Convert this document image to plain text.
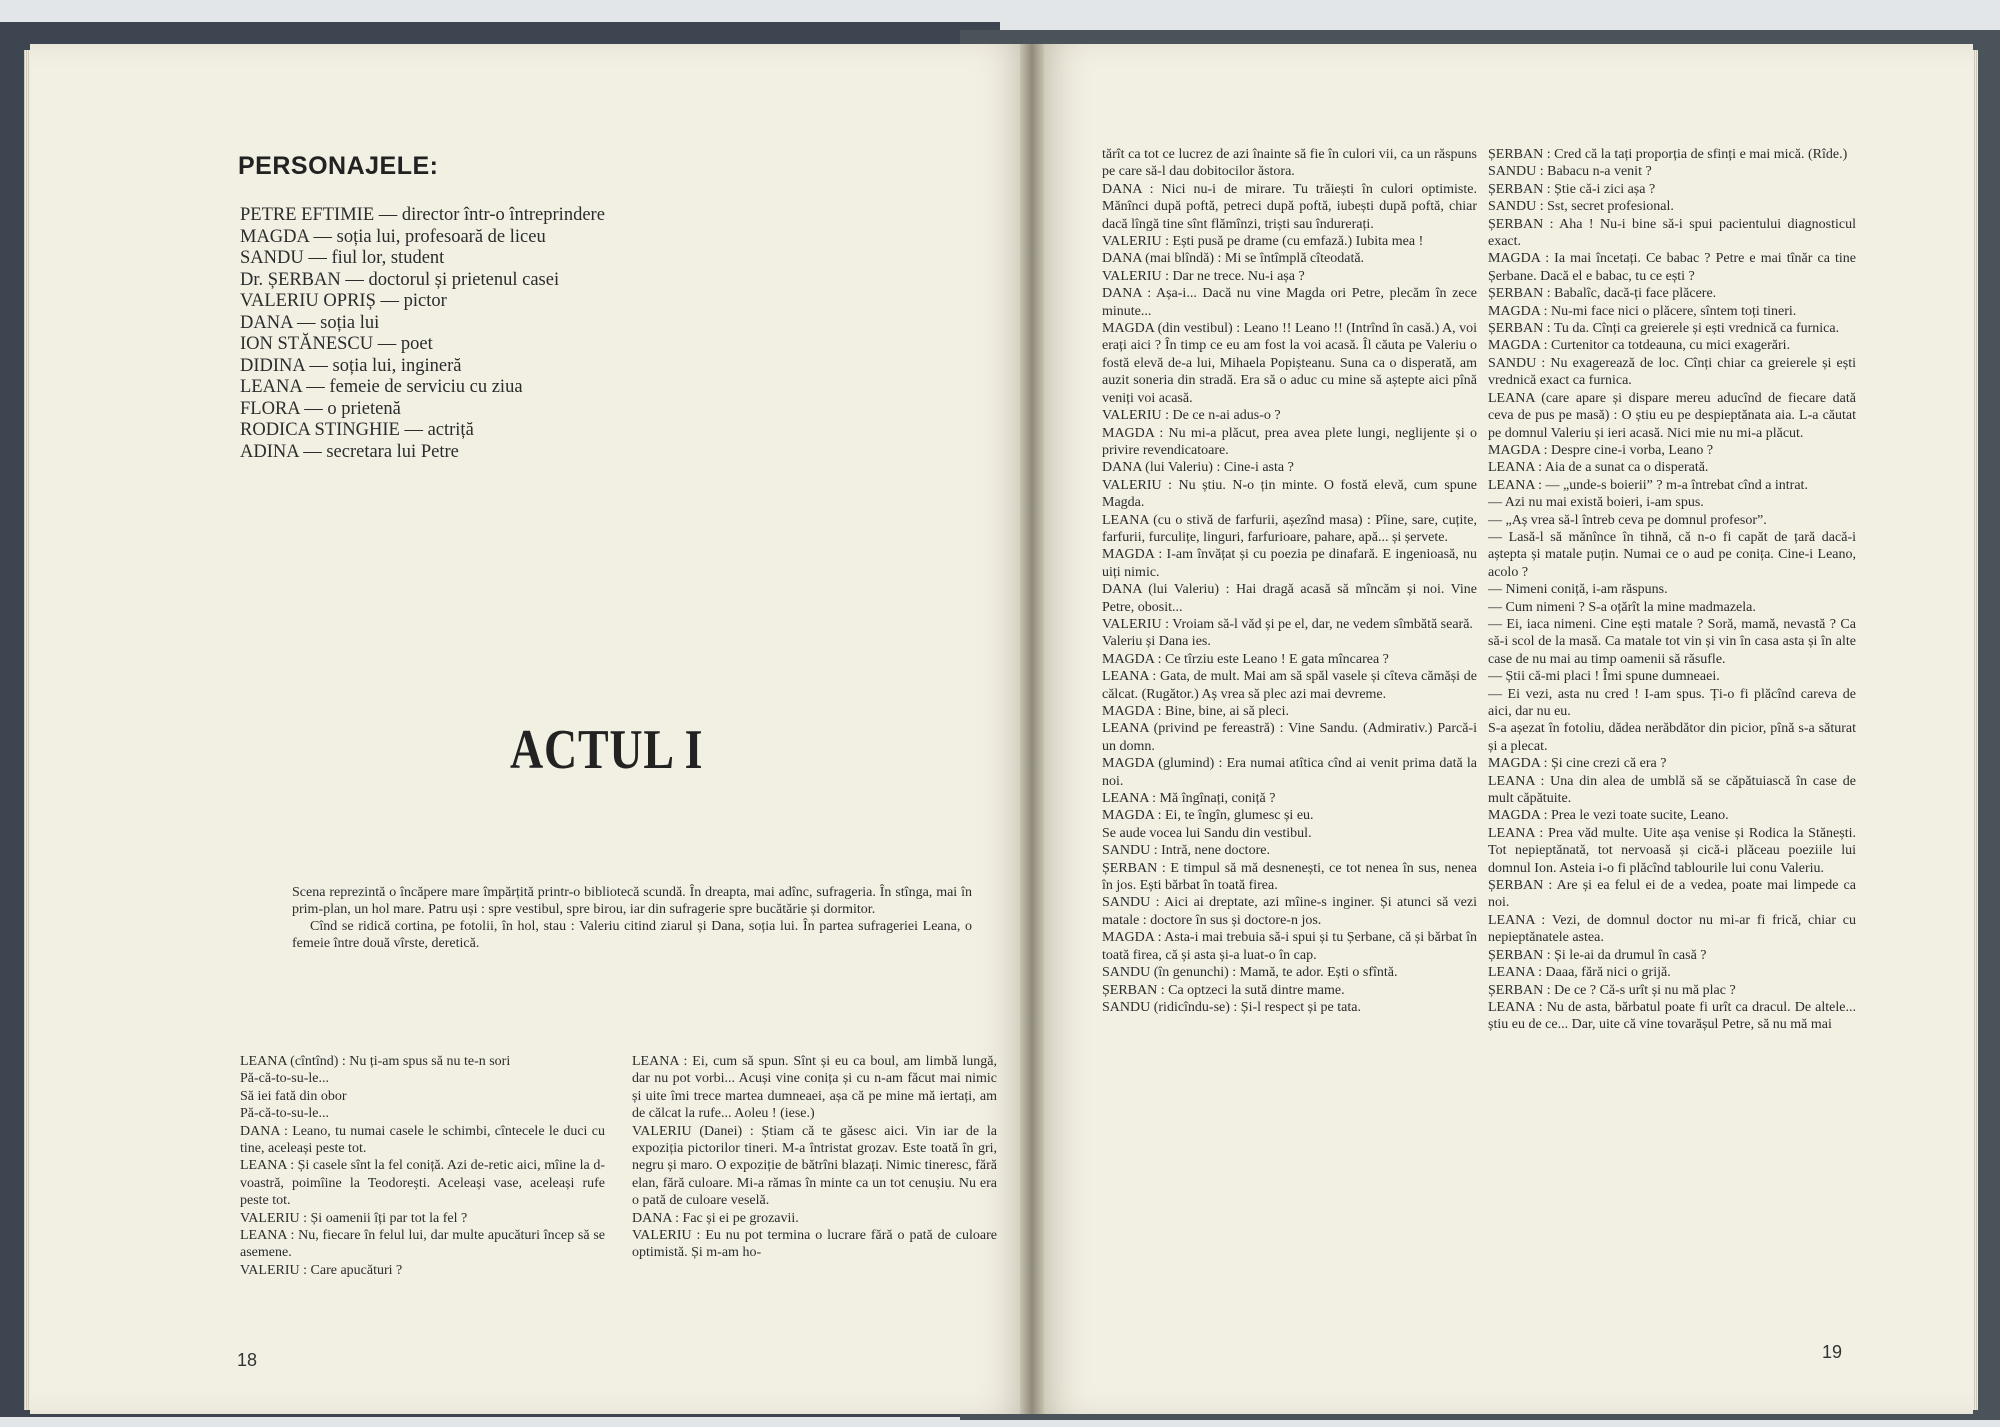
PERSONAJELE:
PETRE EFTIMIE — director într-o întreprindere
MAGDA — soția lui, profesoară de liceu
SANDU — fiul lor, student
Dr. ȘERBAN — doctorul și prietenul casei
VALERIU OPRIȘ — pictor
DANA — soția lui
ION STĂNESCU — poet
DIDINA — soția lui, ingineră
LEANA — femeie de serviciu cu ziua
FLORA — o prietenă
RODICA STINGHIE — actriță
ADINA — secretara lui Petre
ACTUL I

Scena reprezintă o încăpere mare împărțită printr-o bibliotecă scundă. În dreapta, mai adînc, sufrageria. În stînga, mai în prim-plan, un hol mare. Patru uși : spre vestibul, spre birou, iar din sufragerie spre bucătărie și dormitor.

Cînd se ridică cortina, pe fotolii, în hol, stau : Valeriu citind ziarul și Dana, soția lui. În partea sufrageriei Leana, o femeie între două vîrste, deretică.

LEANA (cîntînd) : Nu ți-am spus să nu te-n sori

Pă-că-to-su-le...

Să iei fată din obor

Pă-că-to-su-le...

DANA : Leano, tu numai casele le schimbi, cîntecele le duci cu tine, aceleași peste tot.

LEANA : Și casele sînt la fel coniță. Azi de-retic aici, mîine la d-voastră, poimîine la Teodorești. Aceleași vase, aceleași rufe peste tot.

VALERIU : Și oamenii îți par tot la fel ?

LEANA : Nu, fiecare în felul lui, dar multe apucături încep să se asemene.

VALERIU : Care apucături ?

LEANA : Ei, cum să spun. Sînt și eu ca boul, am limbă lungă, dar nu pot vorbi... Acuși vine conița și cu n-am făcut mai nimic și uite îmi trece martea dumneaei, așa că pe mine mă iertați, am de călcat la rufe... Aoleu ! (iese.)

VALERIU (Danei) : Știam că te găsesc aici. Vin iar de la expoziția pictorilor tineri. M-a întristat grozav. Este toată în gri, negru și maro. O expoziție de bătrîni blazați. Nimic tineresc, fără elan, fără culoare. Mi-a rămas în minte ca un tot cenușiu. Nu era o pată de culoare veselă.

DANA : Fac și ei pe grozavii.

VALERIU : Eu nu pot termina o lucrare fără o pată de culoare optimistă. Și m-am ho-

tărît ca tot ce lucrez de azi înainte să fie în culori vii, ca un răspuns pe care să-l dau dobitocilor ăstora.

DANA : Nici nu-i de mirare. Tu trăiești în culori optimiste. Mănînci după poftă, petreci după poftă, iubești după poftă, chiar dacă lîngă tine sînt flămînzi, triști sau îndurerați.

VALERIU : Ești pusă pe drame (cu emfază.) Iubita mea !

DANA (mai blîndă) : Mi se întîmplă cîteodată.

VALERIU : Dar ne trece. Nu-i așa ?

DANA : Așa-i... Dacă nu vine Magda ori Petre, plecăm în zece minute...

MAGDA (din vestibul) : Leano !! Leano !! (Intrînd în casă.) A, voi erați aici ? În timp ce eu am fost la voi acasă. Îl căuta pe Valeriu o fostă elevă de-a lui, Mihaela Popișteanu. Suna ca o disperată, am auzit soneria din stradă. Era să o aduc cu mine să aștepte aici pînă veniți voi acasă.

VALERIU : De ce n-ai adus-o ?

MAGDA : Nu mi-a plăcut, prea avea plete lungi, neglijente și o privire revendicatoare.

DANA (lui Valeriu) : Cine-i asta ?

VALERIU : Nu știu. N-o țin minte. O fostă elevă, cum spune Magda.

LEANA (cu o stivă de farfurii, așezînd masa) : Pîine, sare, cuțite, farfurii, furculițe, linguri, farfurioare, pahare, apă... și șervete.

MAGDA : I-am învățat și cu poezia pe dinafară. E ingenioasă, nu uiți nimic.

DANA (lui Valeriu) : Hai dragă acasă să mîncăm și noi. Vine Petre, obosit...

VALERIU : Vroiam să-l văd și pe el, dar, ne vedem sîmbătă seară.

Valeriu și Dana ies.

MAGDA : Ce tîrziu este Leano ! E gata mîncarea ?

LEANA : Gata, de mult. Mai am să spăl vasele și cîteva cămăși de călcat. (Rugător.) Aș vrea să plec azi mai devreme.

MAGDA : Bine, bine, ai să pleci.

LEANA (privind pe fereastră) : Vine Sandu. (Admirativ.) Parcă-i un domn.

MAGDA (glumind) : Era numai atîtica cînd ai venit prima dată la noi.

LEANA : Mă îngînați, coniță ?

MAGDA : Ei, te îngîn, glumesc și eu.

Se aude vocea lui Sandu din vestibul.

SANDU : Intră, nene doctore.

ȘERBAN : E timpul să mă desnenești, ce tot nenea în sus, nenea în jos. Ești bărbat în toată firea.

SANDU : Aici ai dreptate, azi mîine-s inginer. Și atunci să vezi matale : doctore în sus și doctore-n jos.

MAGDA : Asta-i mai trebuia să-i spui și tu Șerbane, că și bărbat în toată firea, că și asta și-a luat-o în cap.

SANDU (în genunchi) : Mamă, te ador. Ești o sfîntă.

ȘERBAN : Ca optzeci la sută dintre mame.

SANDU (ridicîndu-se) : Și-l respect și pe tata.

ȘERBAN : Cred că la tați proporția de sfinți e mai mică. (Rîde.)

SANDU : Babacu n-a venit ?

ȘERBAN : Știe că-i zici așa ?

SANDU : Sst, secret profesional.

ȘERBAN : Aha ! Nu-i bine să-i spui pacientului diagnosticul exact.

MAGDA : Ia mai încetați. Ce babac ? Petre e mai tînăr ca tine Șerbane. Dacă el e babac, tu ce ești ?

ȘERBAN : Babalîc, dacă-ți face plăcere.

MAGDA : Nu-mi face nici o plăcere, sîntem toți tineri.

ȘERBAN : Tu da. Cînți ca greierele și ești vrednică ca furnica.

MAGDA : Curtenitor ca totdeauna, cu mici exagerări.

SANDU : Nu exagerează de loc. Cînți chiar ca greierele și ești vrednică exact ca furnica.

LEANA (care apare și dispare mereu aducînd de fiecare dată ceva de pus pe masă) : O știu eu pe despieptănata aia. L-a căutat pe domnul Valeriu și ieri acasă. Nici mie nu mi-a plăcut.

MAGDA : Despre cine-i vorba, Leano ?

LEANA : Aia de a sunat ca o disperată.

LEANA : — „unde-s boierii” ? m-a întrebat cînd a intrat.

— Azi nu mai există boieri, i-am spus.

— „Aș vrea să-l întreb ceva pe domnul profesor”.

— Lasă-l să mănînce în tihnă, că n-o fi capăt de țară dacă-i aștepta și matale puțin. Numai ce o aud pe conița. Cine-i Leano, acolo ?

— Nimeni coniță, i-am răspuns.

— Cum nimeni ? S-a oțărît la mine madmazela.

— Ei, iaca nimeni. Cine ești matale ? Soră, mamă, nevastă ? Ca să-i scol de la masă. Ca matale tot vin și vin în casa asta și în alte case de nu mai au timp oamenii să răsufle.

— Știi că-mi placi ! Îmi spune dumneaei.

— Ei vezi, asta nu cred ! I-am spus. Ți-o fi plăcînd careva de aici, dar nu eu.

S-a așezat în fotoliu, dădea nerăbdător din picior, pînă s-a săturat și a plecat.

MAGDA : Și cine crezi că era ?

LEANA : Una din alea de umblă să se căpătuiască în case de mult căpătuite.

MAGDA : Prea le vezi toate sucite, Leano.

LEANA : Prea văd multe. Uite așa venise și Rodica la Stănești. Tot nepieptănată, tot nervoasă și cică-i plăceau poeziile lui domnul Ion. Asteia i-o fi plăcînd tablourile lui conu Valeriu.

ȘERBAN : Are și ea felul ei de a vedea, poate mai limpede ca noi.

LEANA : Vezi, de domnul doctor nu mi-ar fi frică, chiar cu nepieptănatele astea.

ȘERBAN : Și le-ai da drumul în casă ?

LEANA : Daaa, fără nici o grijă.

ȘERBAN : De ce ? Că-s urît și nu mă plac ?

LEANA : Nu de asta, bărbatul poate fi urît ca dracul. De altele... știu eu de ce... Dar, uite că vine tovarășul Petre, să nu mă mai

18	19
